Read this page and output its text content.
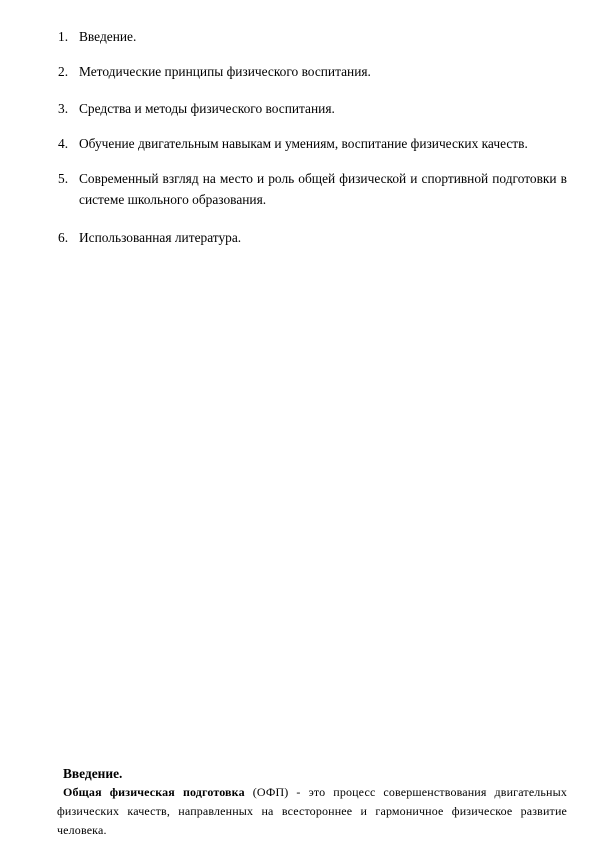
1. Введение.
2. Методические принципы физического воспитания.
3. Средства и методы физического воспитания.
4. Обучение двигательным навыкам и умениям, воспитание физических качеств.
5. Современный взгляд на место и роль общей физической и спортивной подготовки в системе школьного образования.
6. Использованная литература.
Введение.
Общая физическая подготовка (ОФП) - это процесс совершенствования двигательных
физических качеств, направленных на всестороннее и гармоничное физическое развитие человека.
